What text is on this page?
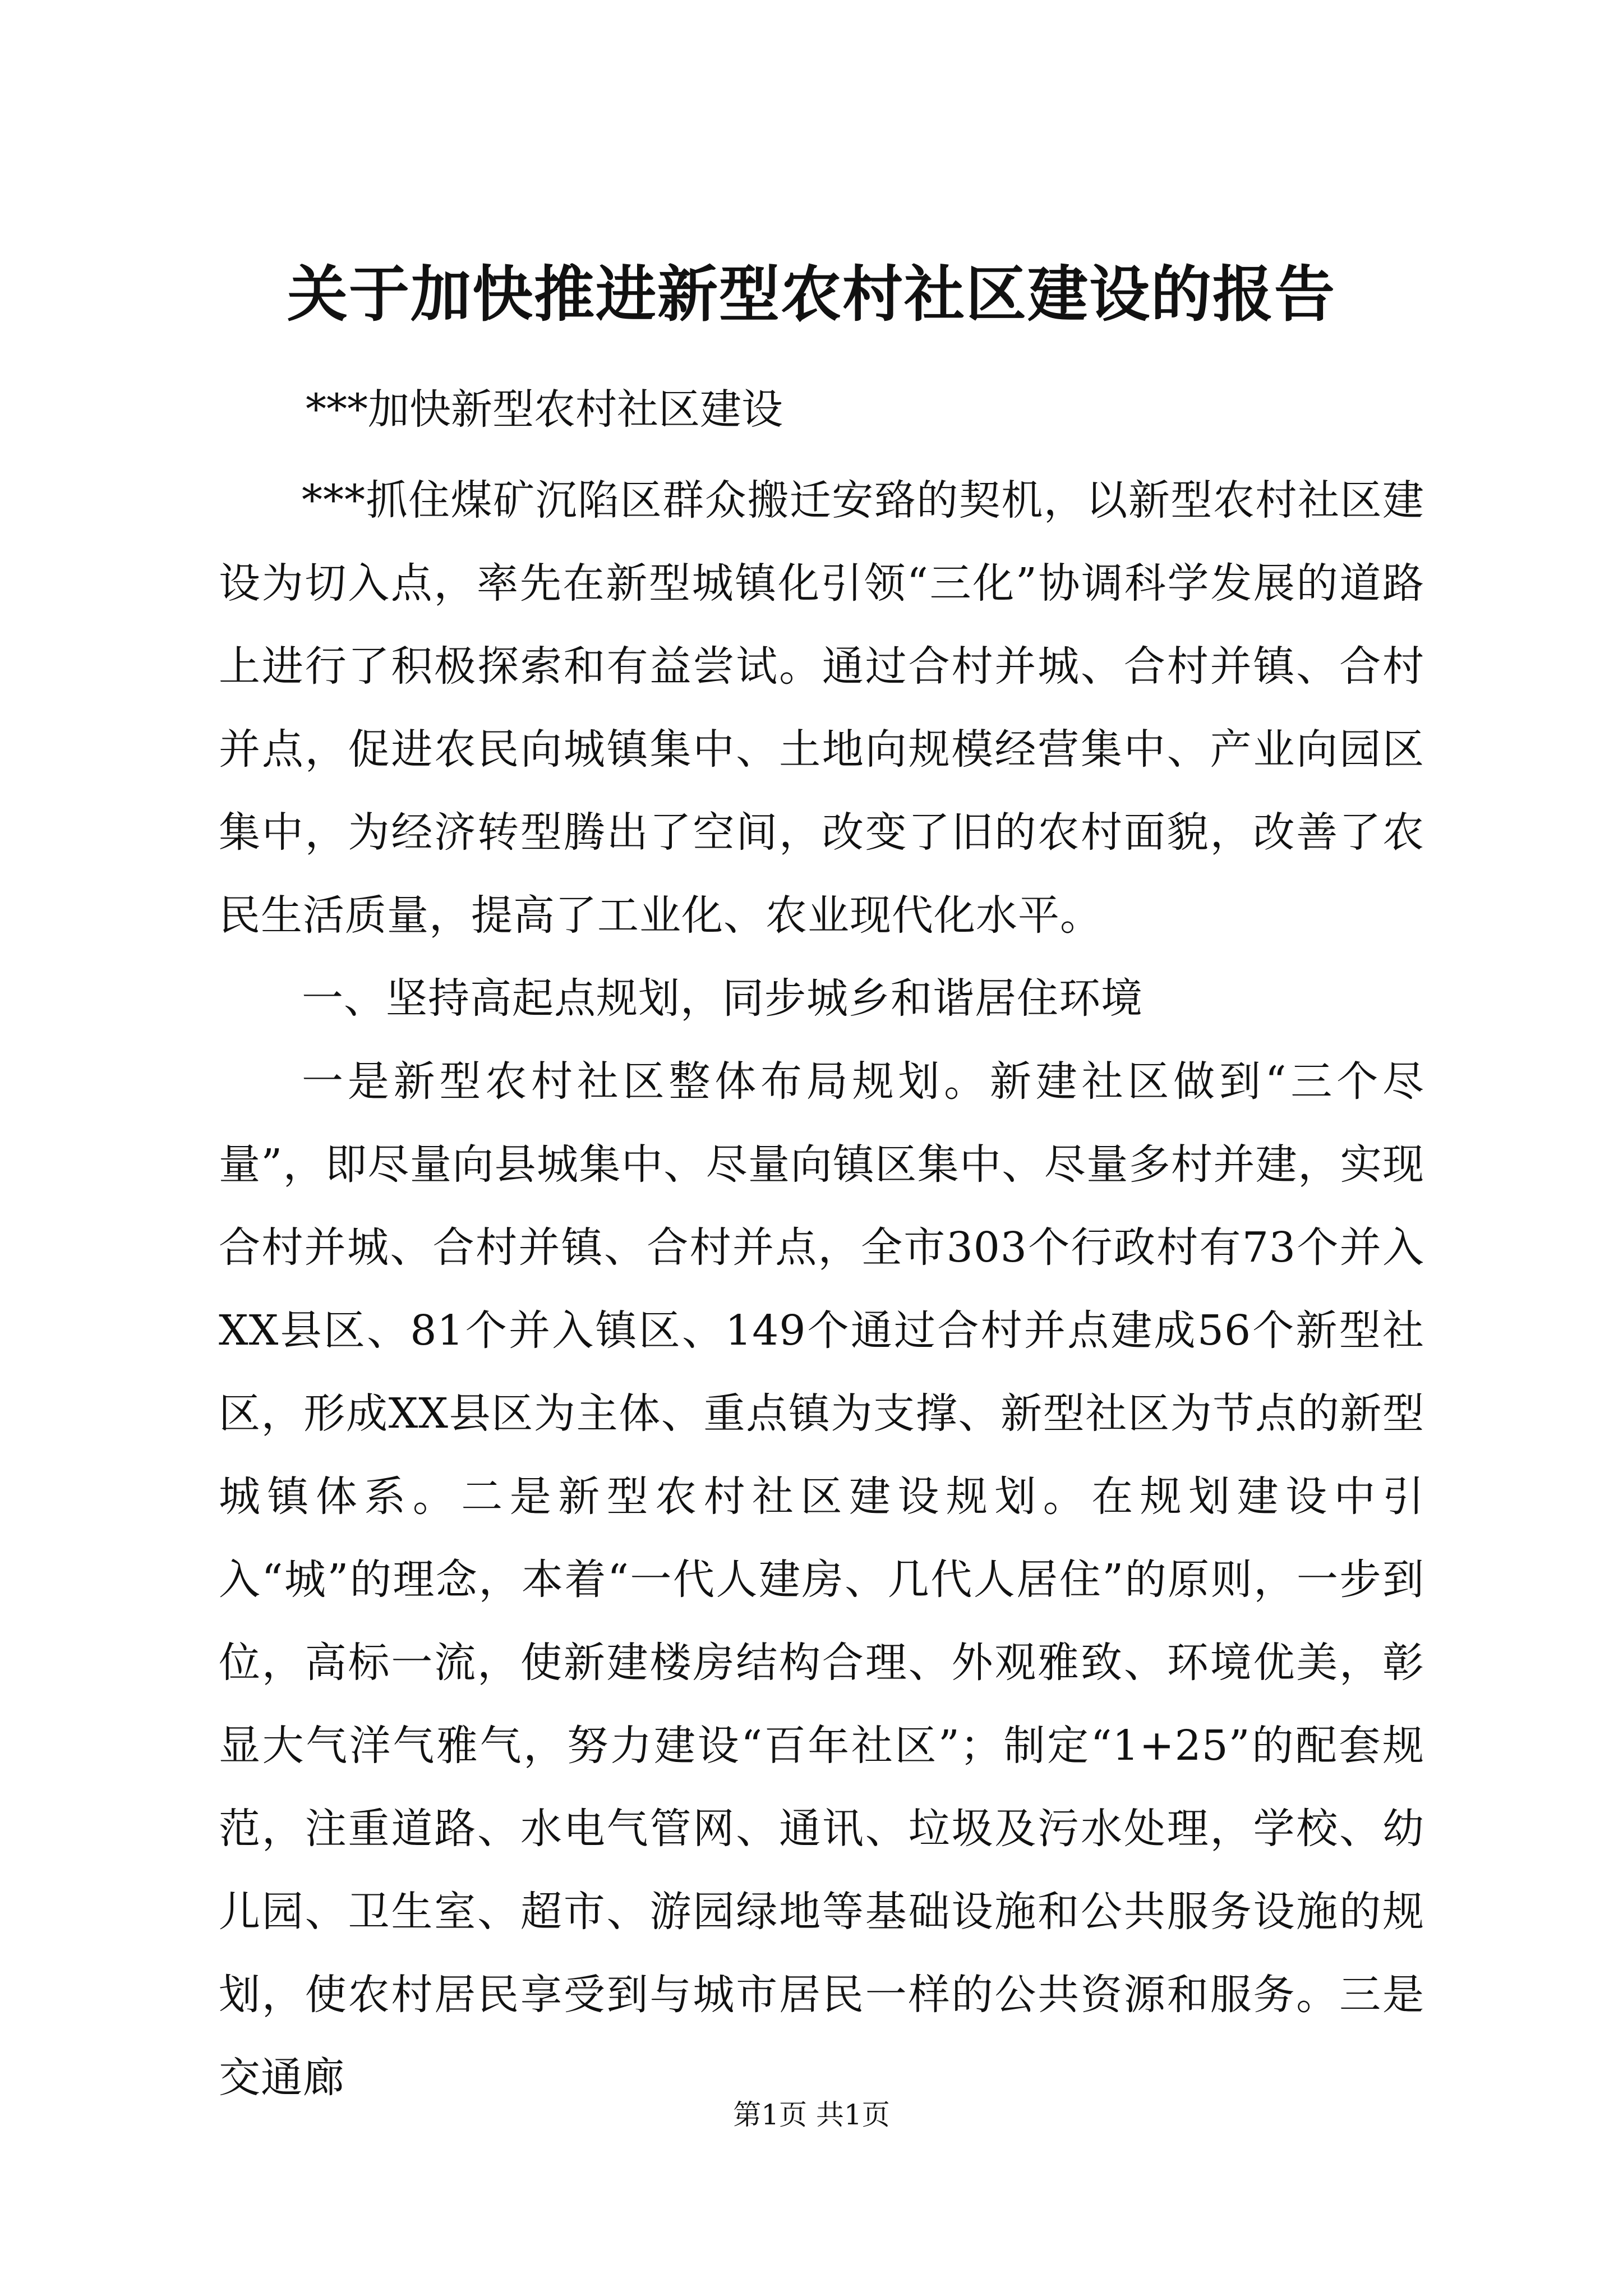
关于加快推进新型农村社区建设的报告
***加快新型农村社区建设

***抓住煤矿沉陷区群众搬迁安臵的契机，以新型农村社区建设为切入点，率先在新型城镇化引领“三化”协调科学发展的道路上进行了积极探索和有益尝试。通过合村并城、合村并镇、合村并点，促进农民向城镇集中、土地向规模经营集中、产业向园区集中，为经济转型腾出了空间，改变了旧的农村面貌，改善了农民生活质量，提高了工业化、农业现代化水平。

一、坚持高起点规划，同步城乡和谐居住环境

一是新型农村社区整体布局规划。新建社区做到“三个尽量”，即尽量向县城集中、尽量向镇区集中、尽量多村并建，实现合村并城、合村并镇、合村并点，全市303个行政村有73个并入XX县区、81个并入镇区、149个通过合村并点建成56个新型社区，形成XX县区为主体、重点镇为支撑、新型社区为节点的新型城镇体系。二是新型农村社区建设规划。在规划建设中引入“城”的理念，本着“一代人建房、几代人居住”的原则，一步到位，高标一流，使新建楼房结构合理、外观雅致、环境优美，彰显大气洋气雅气，努力建设“百年社区”；制定“1+25”的配套规范，注重道路、水电气管网、通讯、垃圾及污水处理，学校、幼儿园、卫生室、超市、游园绿地等基础设施和公共服务设施的规划，使农村居民享受到与城市居民一样的公共资源和服务。三是交通廊

第1页 共1页
